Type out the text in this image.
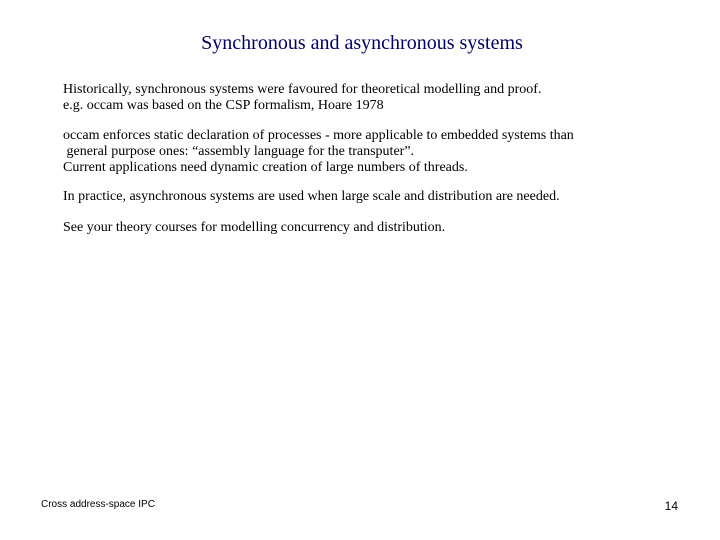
Synchronous and asynchronous systems
Historically, synchronous systems were favoured for theoretical modelling and proof.
e.g. occam was based on the CSP formalism, Hoare 1978
occam enforces static declaration of processes - more applicable to embedded systems than
general purpose ones: “assembly language for the transputer”.
Current applications need dynamic creation of large numbers of threads.
In practice, asynchronous systems are used when large scale and distribution are needed.
See your theory courses for modelling concurrency and distribution.
Cross address-space IPC	14
